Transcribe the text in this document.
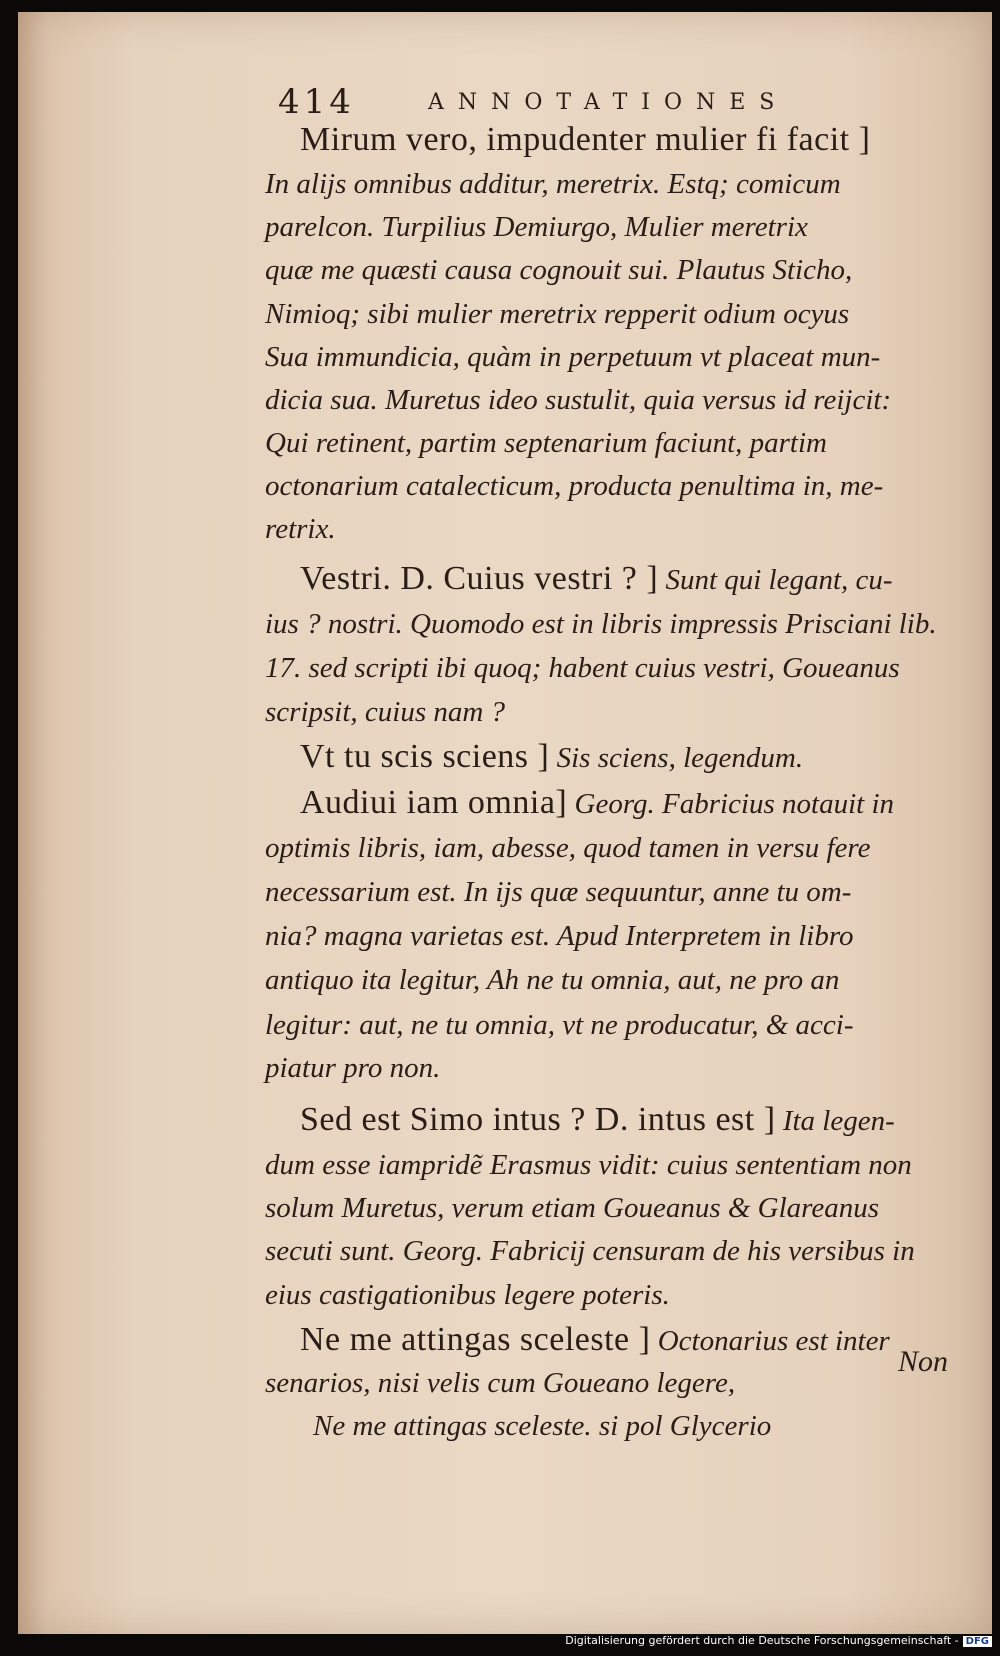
414	ANNOTATIONES
Mirum vero, impudenter mulier fi facit ]
In alijs omnibus additur, meretrix. Estq; comicum
parelcon. Turpilius Demiurgo, Mulier meretrix
quæ me quæsti causa cognouit sui. Plautus Sticho,
Nimioq; sibi mulier meretrix repperit odium ocyus
Sua immundicia, quàm in perpetuum vt placeat mun-
dicia sua. Muretus ideo sustulit, quia versus id reijcit:
Qui retinent, partim septenarium faciunt, partim
octonarium catalecticum, producta penultima in, me-
retrix.
Vestri. D. Cuius vestri ? ] Sunt qui legant, cu-
ius ? nostri. Quomodo est in libris impressis Prisciani lib.
17. sed scripti ibi quoq; habent cuius vestri, Goueanus
scripsit, cuius nam ?
Vt tu scis sciens ] Sis sciens, legendum.
Audiui iam omnia] Georg. Fabricius notauit in
optimis libris, iam, abesse, quod tamen in versu fere
necessarium est. In ijs quæ sequuntur, anne tu om-
nia? magna varietas est. Apud Interpretem in libro
antiquo ita legitur, Ah ne tu omnia, aut, ne pro an
legitur: aut, ne tu omnia, vt ne producatur, & acci-
piatur pro non.
Sed est Simo intus ? D. intus est ] Ita legen-
dum esse iampridẽ Erasmus vidit: cuius sententiam non
solum Muretus, verum etiam Goueanus & Glareanus
secuti sunt. Georg. Fabricij censuram de his versibus in
eius castigationibus legere poteris.
Ne me attingas sceleste ] Octonarius est inter
senarios, nisi velis cum Goueano legere,
Ne me attingas sceleste. si pol Glycerio
Non
Digitalisierung gefördert durch die Deutsche Forschungsgemeinschaft - DFG
